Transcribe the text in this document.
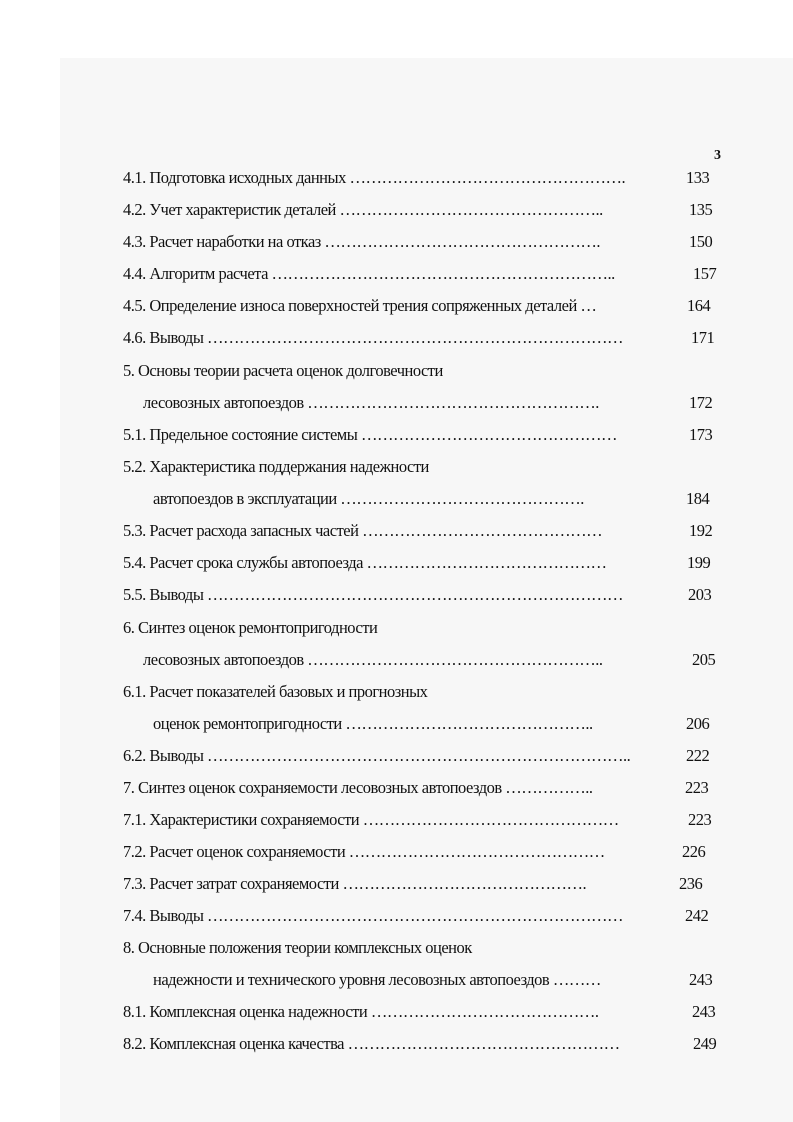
3
4.1. Подготовка исходных данных …………………………………………….	133
4.2. Учет характеристик деталей …………………………………………..	135
4.3. Расчет наработки на отказ …………………………………………….	150
4.4. Алгоритм расчета ………………………………………………………..	157
4.5. Определение износа поверхностей трения сопряженных деталей …	164
4.6. Выводы ……………………………………………………………………	171
5. Основы теории расчета оценок долговечности
лесовозных автопоездов ……………………………………………….	172
5.1. Предельное состояние системы …………………………………………	173
5.2. Характеристика поддержания надежности
автопоездов в эксплуатации ……………………………………….	184
5.3. Расчет расхода запасных частей ………………………………………	192
5.4. Расчет срока службы автопоезда ………………………………………	199
5.5. Выводы ……………………………………………………………………	203
6. Синтез оценок ремонтопригодности
лесовозных автопоездов ………………………………………………..	205
6.1. Расчет показателей базовых и прогнозных
оценок ремонтопригодности ………………………………………..	206
6.2. Выводы ……………………………………………………………………..	222
7. Синтез оценок сохраняемости лесовозных автопоездов ……………..	223
7.1. Характеристики сохраняемости …………………………………………	223
7.2. Расчет оценок сохраняемости …………………………………………	226
7.3. Расчет затрат сохраняемости ……………………………………….	236
7.4. Выводы ……………………………………………………………………	242
8. Основные положения теории комплексных оценок
надежности и технического уровня лесовозных автопоездов ………	243
8.1. Комплексная оценка надежности …………………………………….	243
8.2. Комплексная оценка качества ……………………………………………	249
